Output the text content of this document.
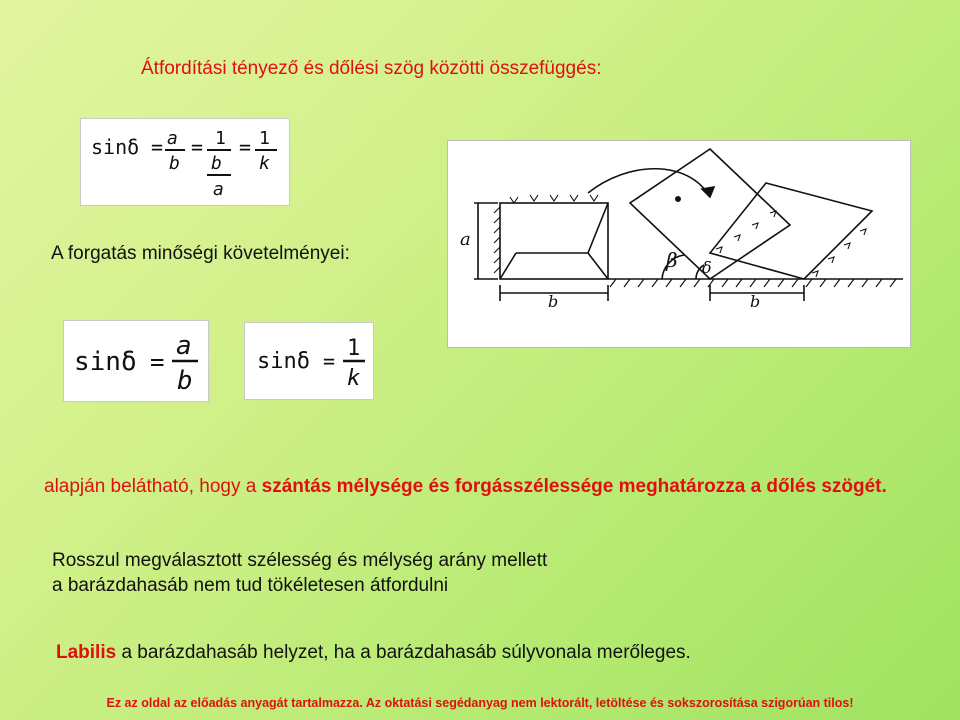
Átfordítási tényező és dőlési szög közötti összefüggés:
sinδ = a
b
= 1
b
a
= 1
k
A forgatás minőségi követelményei:
sinδ =
a
b
sinδ = 1
k
a
b	b
β δ
alapján belátható, hogy a szántás mélysége és forgásszélessége meghatározza a dőlés szögét.
Rosszul megválasztott szélesség és mélység arány mellett
a barázdahasáb nem tud tökéletesen átfordulni
Labilis a barázdahasáb helyzet, ha a barázdahasáb súlyvonala merőleges.
Ez az oldal az előadás anyagát tartalmazza. Az oktatási segédanyag nem lektorált, letöltése és sokszorosítása szigorúan tilos!
